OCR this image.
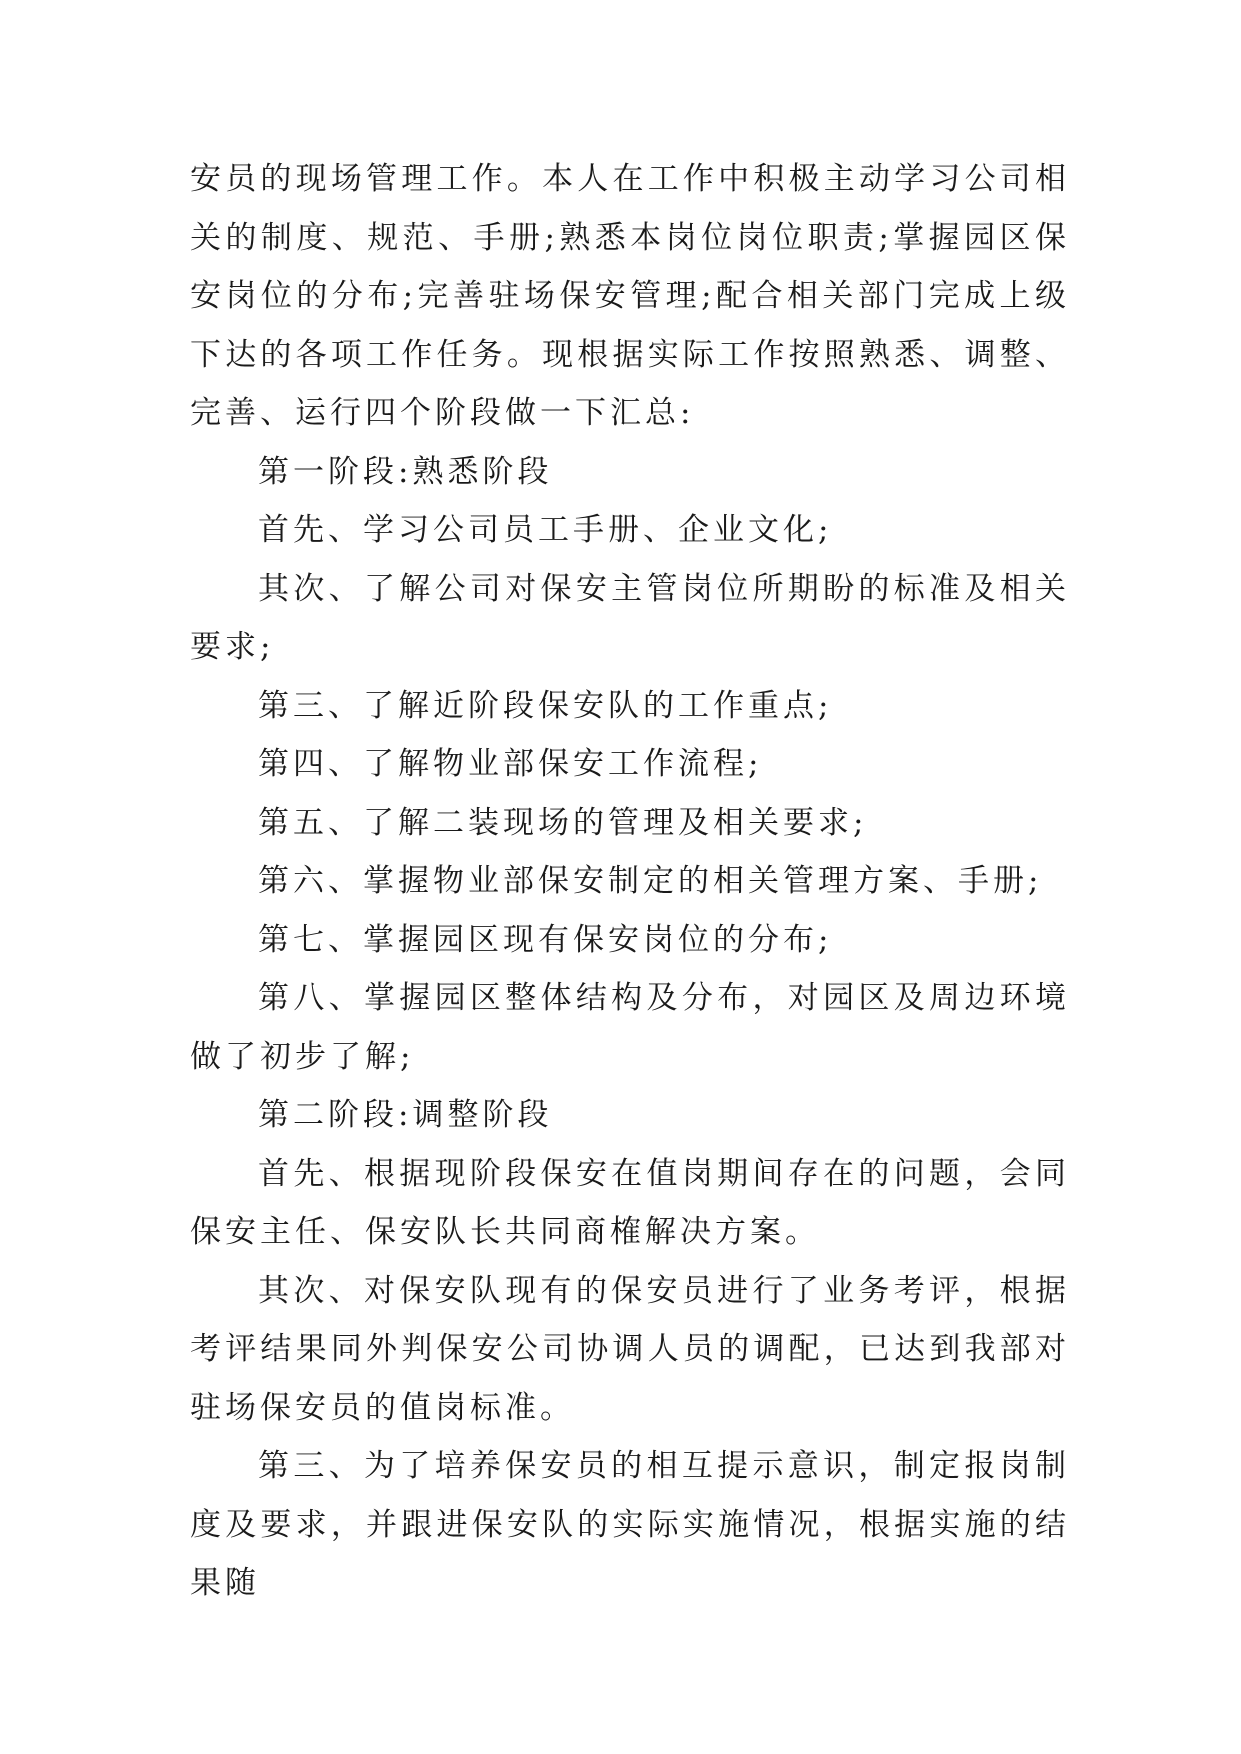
安员的现场管理工作。本人在工作中积极主动学习公司相关的制度、规范、手册;熟悉本岗位岗位职责;掌握园区保安岗位的分布;完善驻场保安管理;配合相关部门完成上级下达的各项工作任务。现根据实际工作按照熟悉、调整、完善、运行四个阶段做一下汇总:

第一阶段:熟悉阶段

首先、学习公司员工手册、企业文化;

其次、了解公司对保安主管岗位所期盼的标准及相关要求;

第三、了解近阶段保安队的工作重点;

第四、了解物业部保安工作流程;

第五、了解二装现场的管理及相关要求;

第六、掌握物业部保安制定的相关管理方案、手册;

第七、掌握园区现有保安岗位的分布;

第八、掌握园区整体结构及分布，对园区及周边环境做了初步了解;

第二阶段:调整阶段

首先、根据现阶段保安在值岗期间存在的问题，会同保安主任、保安队长共同商榷解决方案。

其次、对保安队现有的保安员进行了业务考评，根据考评结果同外判保安公司协调人员的调配，已达到我部对驻场保安员的值岗标准。

第三、为了培养保安员的相互提示意识，制定报岗制度及要求，并跟进保安队的实际实施情况，根据实施的结果随
